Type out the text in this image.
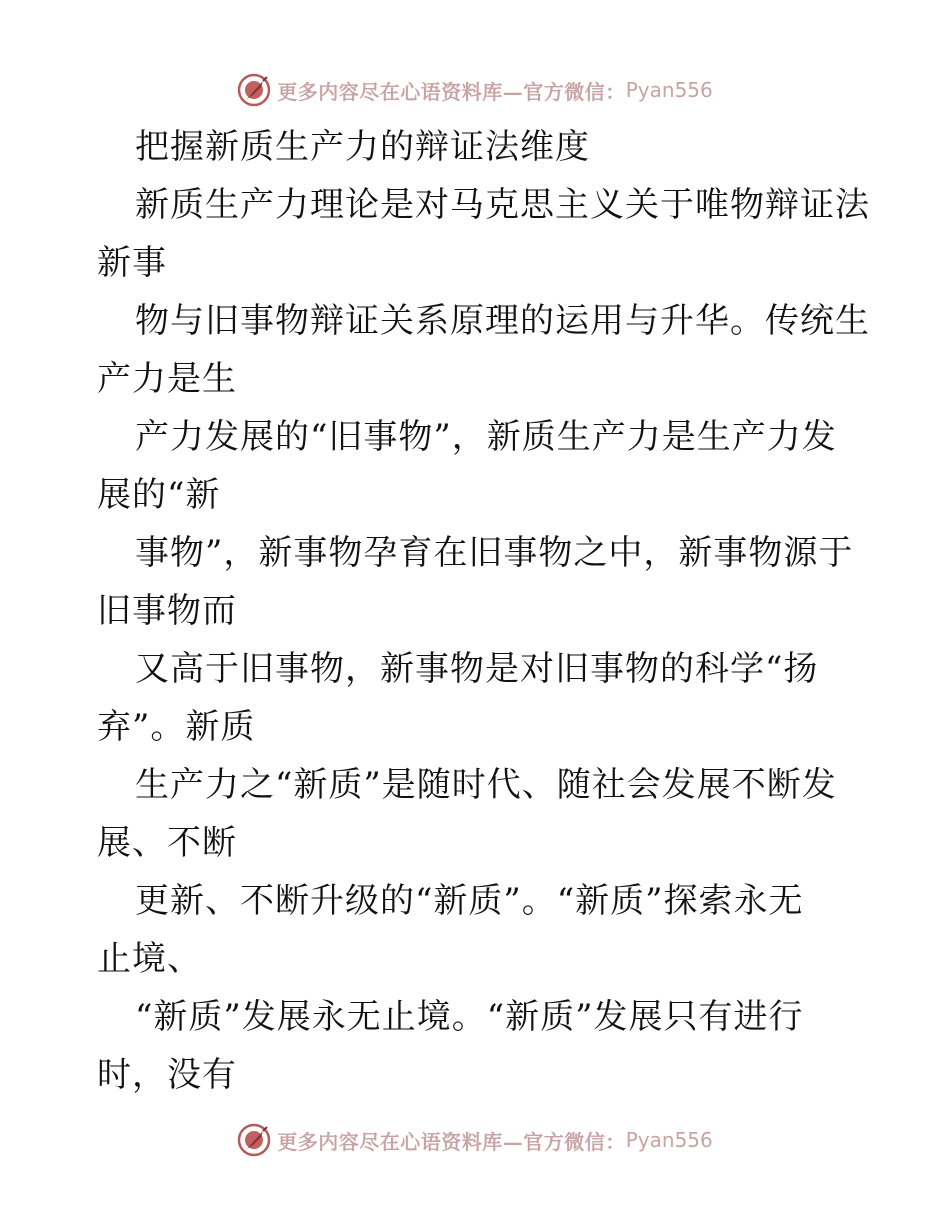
更多内容尽在心语资料库—官方微信： Pyan556
把握新质生产力的辩证法维度
新质生产力理论是对马克思主义关于唯物辩证法
新事
物与旧事物辩证关系原理的运用与升华。传统生
产力是生
产力发展的“旧事物”，新质生产力是生产力发
展的“新
事物”，新事物孕育在旧事物之中，新事物源于
旧事物而
又高于旧事物，新事物是对旧事物的科学“扬
弃”。新质
生产力之“新质”是随时代、随社会发展不断发
展、不断
更新、不断升级的“新质”。“新质”探索永无
止境、
“新质”发展永无止境。“新质”发展只有进行
时，没有
更多内容尽在心语资料库—官方微信： Pyan556
